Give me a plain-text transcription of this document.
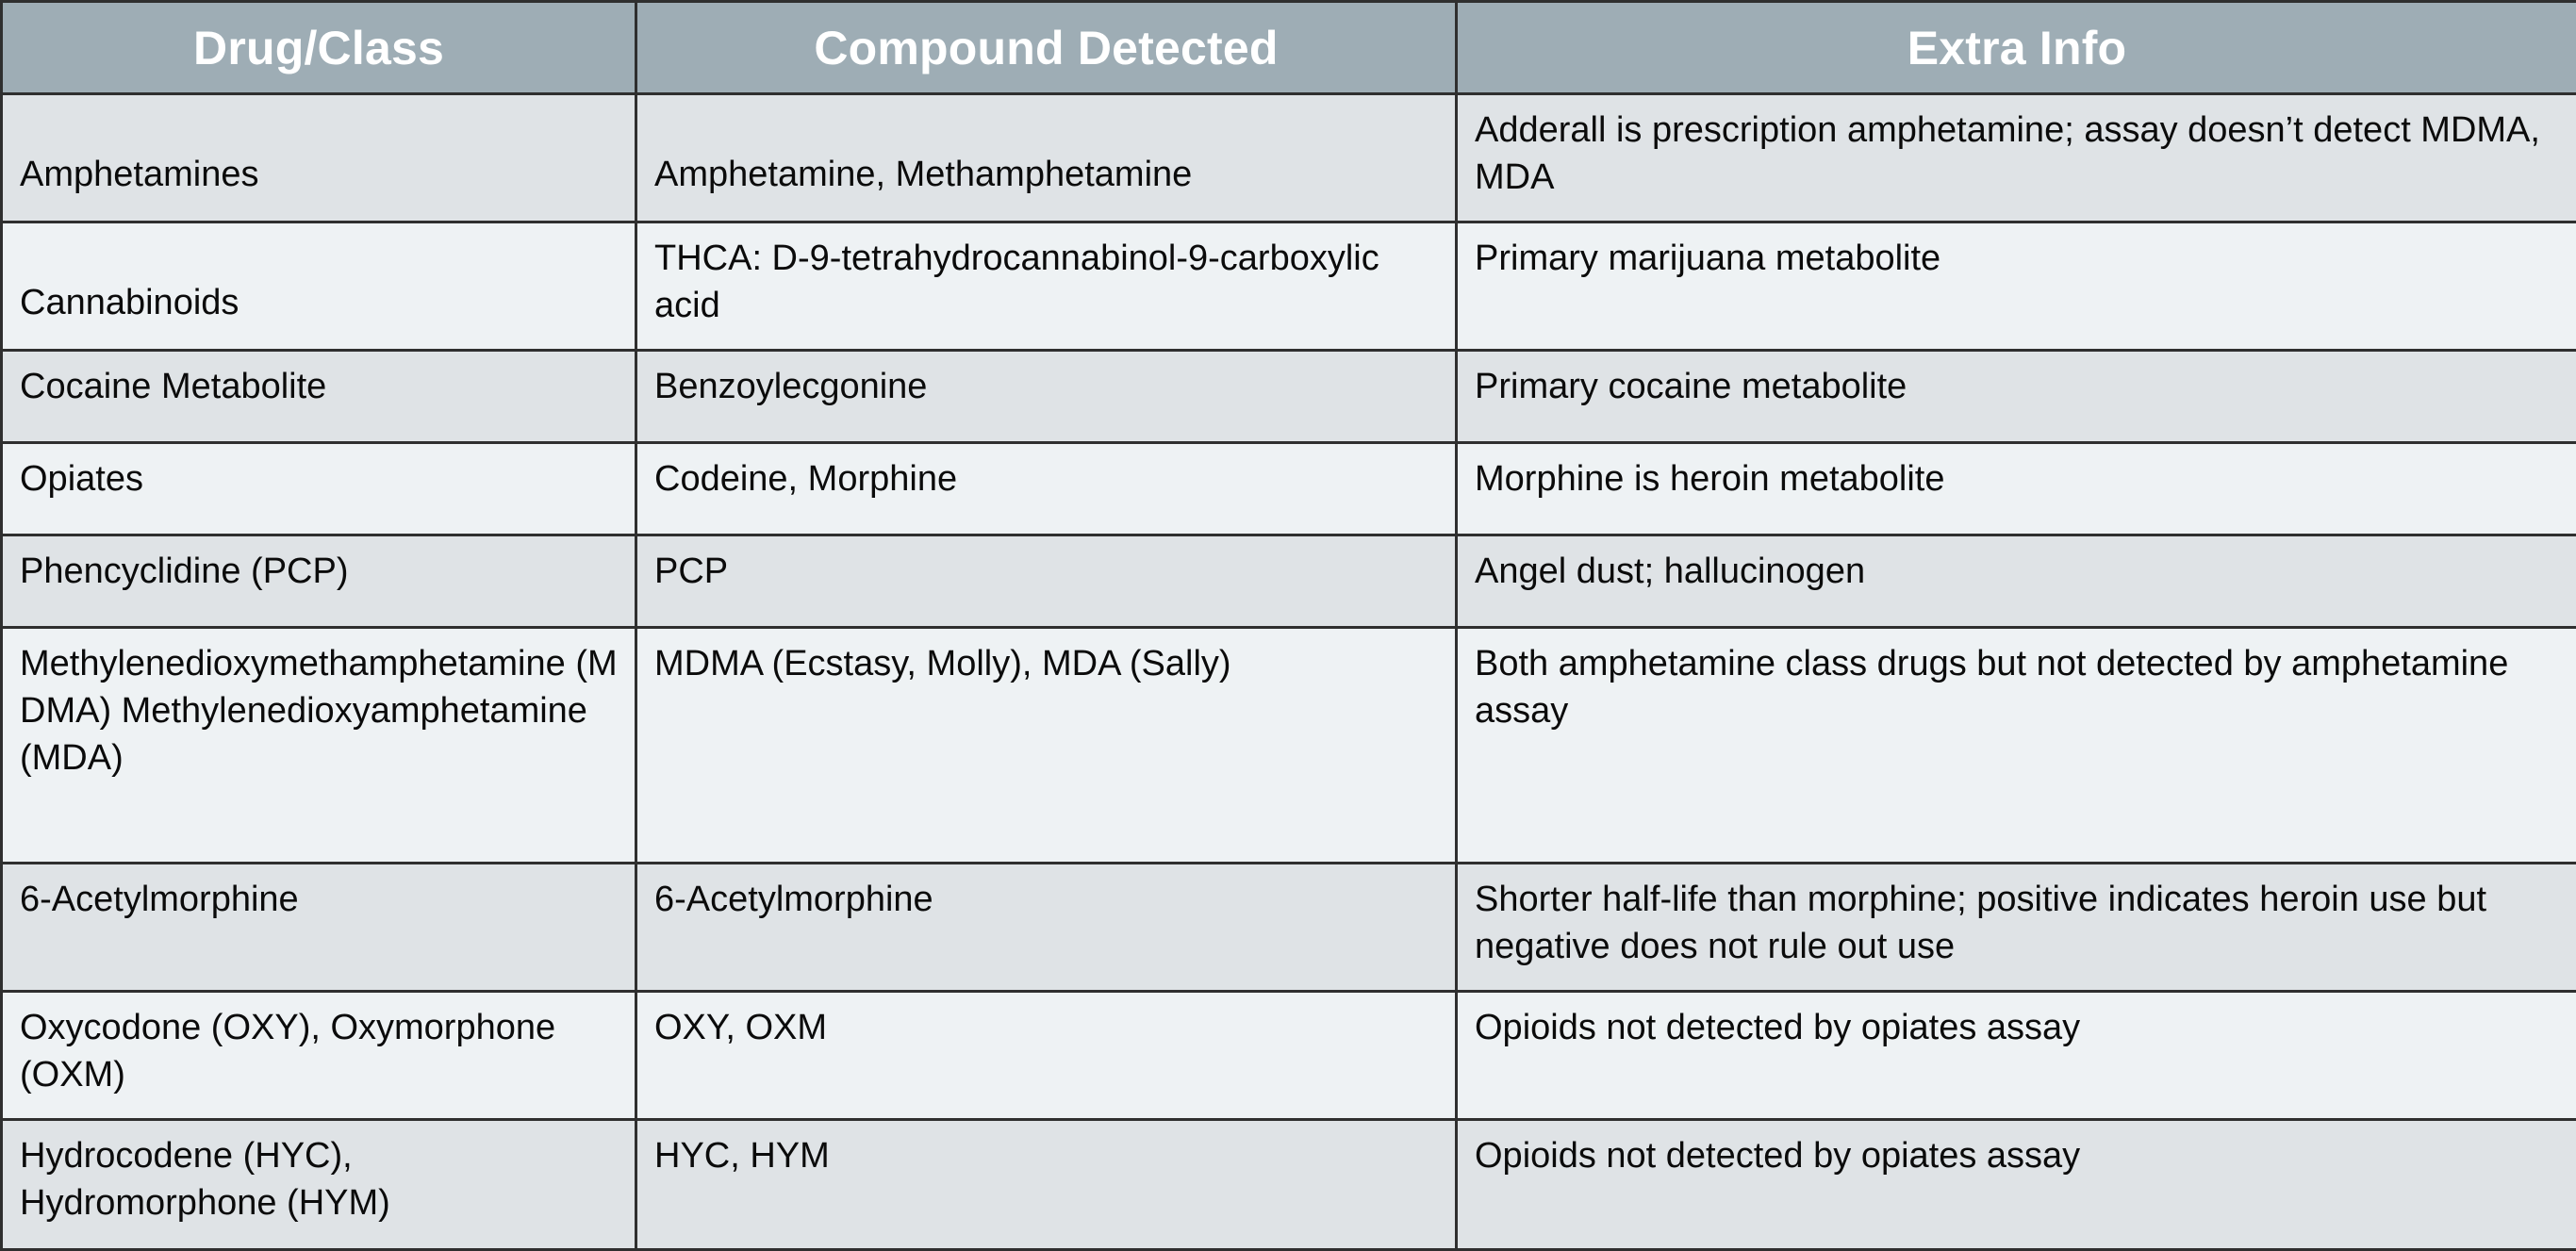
Drug/Class	Compound Detected	Extra Info
Amphetamines	Amphetamine, Methamphetamine	Adderall is prescription amphetamine; assay doesn’t detect MDMA, MDA
Cannabinoids	THCA: D-9-tetrahydrocannabinol-9-carboxylic acid	Primary marijuana metabolite
Cocaine Metabolite	Benzoylecgonine	Primary cocaine metabolite
Opiates	Codeine, Morphine	Morphine is heroin metabolite
Phencyclidine (PCP)	PCP	Angel dust; hallucinogen
Methylenedioxymethamphetamine (MDMA) Methylenedioxyamphetamine (MDA)	MDMA (Ecstasy, Molly), MDA (Sally)	Both amphetamine class drugs but not detected by amphetamine assay
6-Acetylmorphine	6-Acetylmorphine	Shorter half-life than morphine; positive indicates heroin use but negative does not rule out use
Oxycodone (OXY), Oxymorphone (OXM)	OXY, OXM	Opioids not detected by opiates assay
Hydrocodene (HYC), Hydromorphone (HYM)	HYC, HYM	Opioids not detected by opiates assay
